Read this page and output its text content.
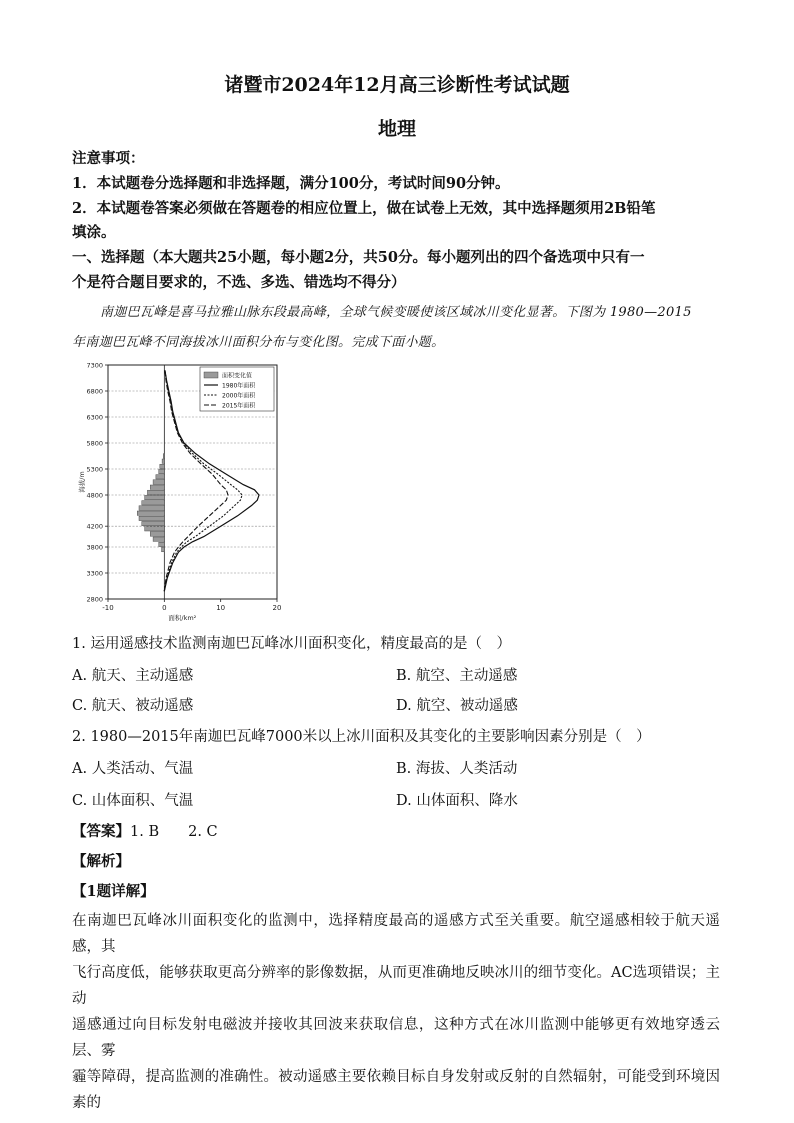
诸暨市2024年12月高三诊断性考试试题
地理
注意事项：
1．本试题卷分选择题和非选择题，满分100分，考试时间90分钟。
2．本试题卷答案必须做在答题卷的相应位置上，做在试卷上无效，其中选择题须用2B铅笔
填涂。
一、选择题（本大题共25小题，每小题2分，共50分。每小题列出的四个备选项中只有一
个是符合题目要求的，不选、多选、错选均不得分）
南迦巴瓦峰是喜马拉雅山脉东段最高峰，全球气候变暖使该区域冰川变化显著。下图为 1980—2015
年南迦巴瓦峰不同海拔冰川面积分布与变化图。完成下面小题。
2800
3300
3800
4200
4800
5300
5800
6300
6800
7300
-10	0	10	20
面积/km²
海拔/m
面积变化值
1980年面积
2000年面积
2015年面积
1. 运用遥感技术监测南迦巴瓦峰冰川面积变化，精度最高的是（　）
A. 航天、主动遥感	B. 航空、主动遥感
C. 航天、被动遥感	D. 航空、被动遥感
2. 1980—2015年南迦巴瓦峰7000米以上冰川面积及其变化的主要影响因素分别是（　）
A. 人类活动、气温	B. 海拔、人类活动
C. 山体面积、气温	D. 山体面积、降水
【答案】1. B　　2. C
【解析】
【1题详解】
在南迦巴瓦峰冰川面积变化的监测中，选择精度最高的遥感方式至关重要。航空遥感相较于航天遥感，其
飞行高度低，能够获取更高分辨率的影像数据，从而更准确地反映冰川的细节变化。AC选项错误；主动
遥感通过向目标发射电磁波并接收其回波来获取信息，这种方式在冰川监测中能够更有效地穿透云层、雾
霾等障碍，提高监测的准确性。被动遥感主要依赖目标自身发射或反射的自然辐射，可能受到环境因素的
